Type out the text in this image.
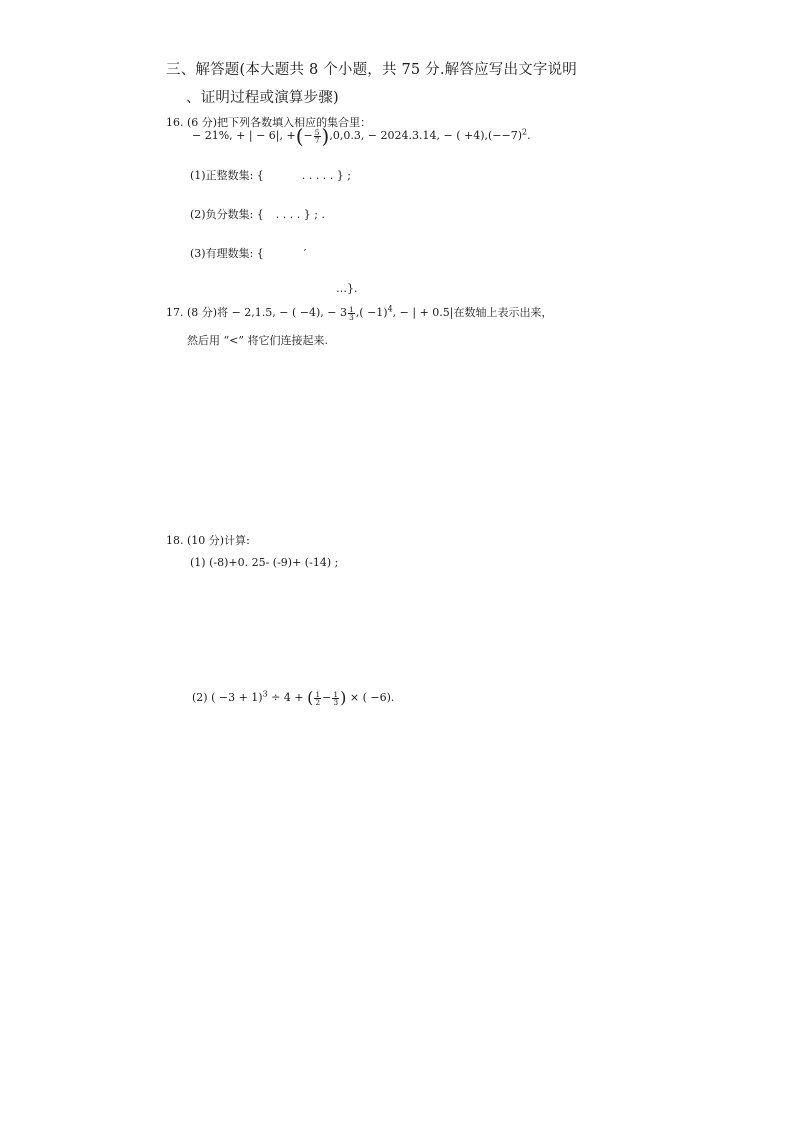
三、解答题(本大题共 8 个小题，共 75 分.解答应写出文字说明
、证明过程或演算步骤)
16. (6 分)把下列各数填入相应的集合里：
− 21%, + | − 6|, +(− $\frac{5}{7} ),0,0.3$, − 2024.3.14, − ( $+4),(--7)^2$.
(1)正整数集: {	. . . . . } ;
(2)负分数集: { . . . . } ; .
(3)有理数集: {	′
…}.
17. (8 分)将 − 2,1.5, − ( −4), − $3 \frac{1}{3}$ ,( −1)$^4$, − | + 0.5|在数轴上表示出来，
然后用 “<” 将它们连接起来.
18. (10 分)计算:
(1) (-8)+0. 25- (-9)+ (-14) ;
(2) ( −3 + 1)$^3$ ÷ 4 + ( $\frac{1}{2} - \frac{1}{3}$ ) × ( −6).
